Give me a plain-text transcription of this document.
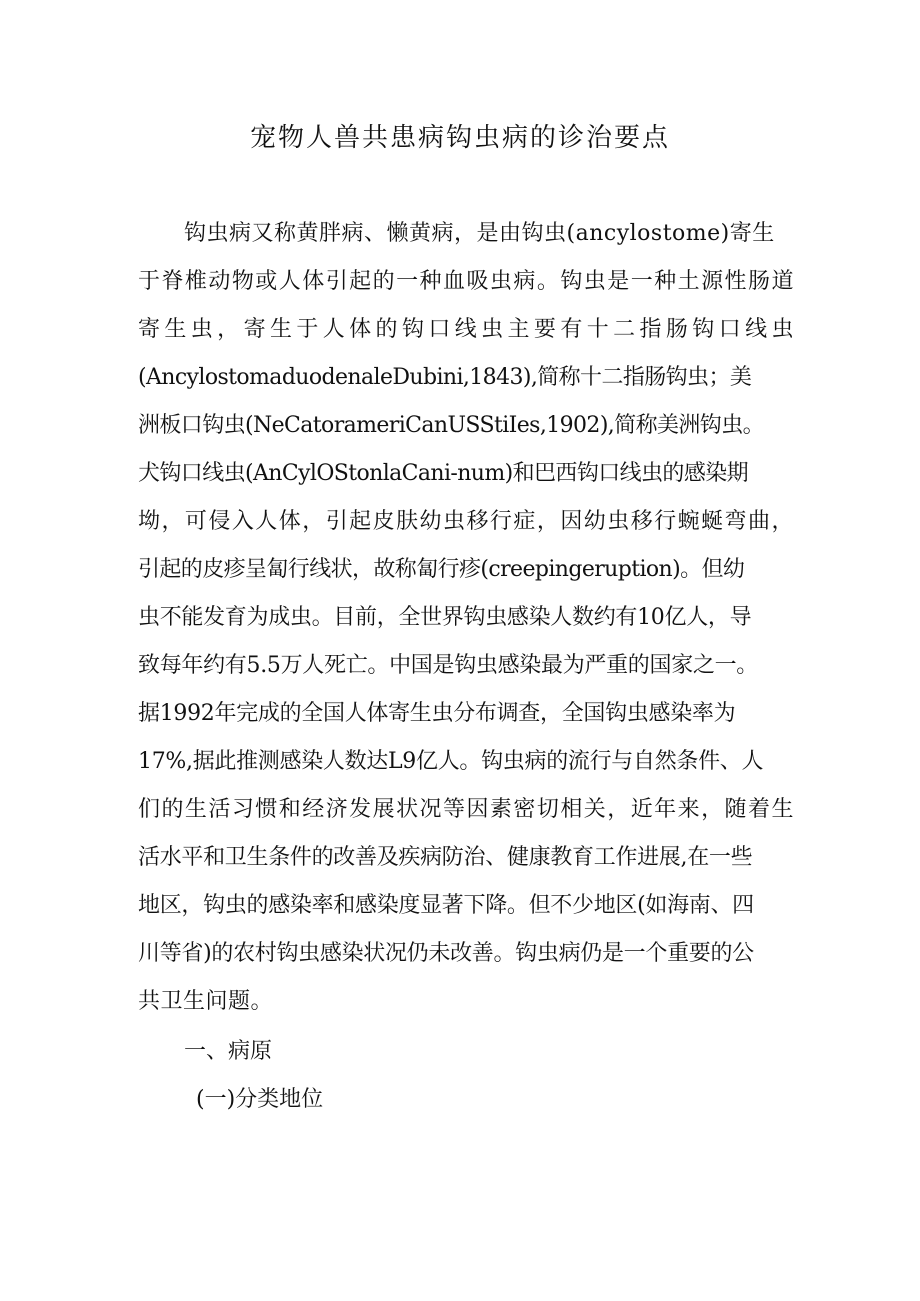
宠物人兽共患病钩虫病的诊治要点
钩虫病又称黄胖病、懒黄病，是由钩虫(ancylostome)寄生
于脊椎动物或人体引起的一种血吸虫病。钩虫是一种土源性肠道
寄生虫，寄生于人体的钩口线虫主要有十二指肠钩口线虫
(AncylostomaduodenaleDubini,1843),简称十二指肠钩虫；美
洲板口钩虫(NeCatorameriCanUSStiIes,1902),简称美洲钩虫。
犬钩口线虫(AnCylOStonlaCani-num)和巴西钩口线虫的感染期
坳，可侵入人体，引起皮肤幼虫移行症，因幼虫移行蜿蜒弯曲，
引起的皮疹呈匐行线状，故称匐行疹(creepingeruption)。但幼
虫不能发育为成虫。目前，全世界钩虫感染人数约有10亿人，导
致每年约有5.5万人死亡。中国是钩虫感染最为严重的国家之一。
据1992年完成的全国人体寄生虫分布调查，全国钩虫感染率为
17%,据此推测感染人数达L9亿人。钩虫病的流行与自然条件、人
们的生活习惯和经济发展状况等因素密切相关，近年来，随着生
活水平和卫生条件的改善及疾病防治、健康教育工作进展,在一些
地区，钩虫的感染率和感染度显著下降。但不少地区(如海南、四
川等省)的农村钩虫感染状况仍未改善。钩虫病仍是一个重要的公
共卫生问题。
一、病原
(一)分类地位
